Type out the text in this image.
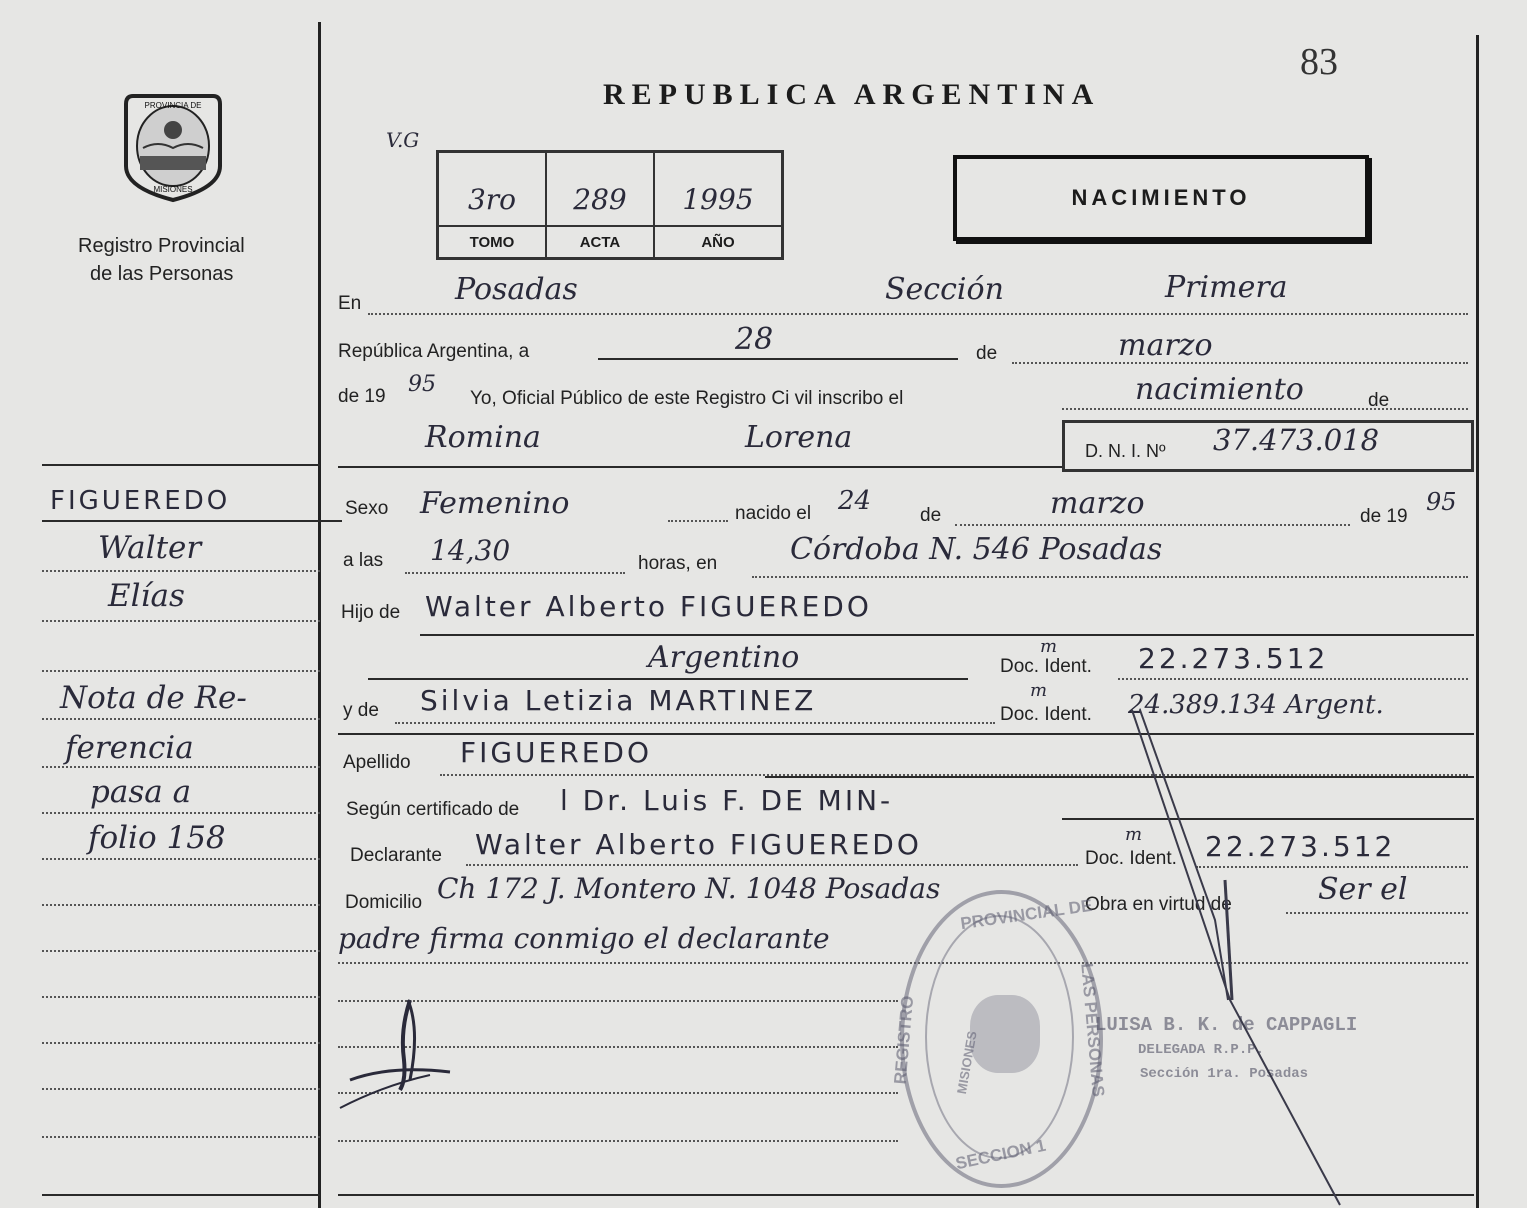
83
PROVINCIA DE
MISIONES
Registro Provincial
de las Personas
REPUBLICA ARGENTINA
V.G
3ro
TOMO
289
ACTA
1995
AÑO
NACIMIENTO
En	Posadas	Sección	Primera
República Argentina, a	28	de	marzo
de 19 95
Yo, Oficial Público de este Registro Ci vil inscribo el	nacimiento	de
Romina	Lorena	D. N. I. Nº 37.473.018
Sexo Femenino	nacido el 24	de	marzo	de 19
95
a las 14,30	horas, en Córdoba N. 546 Posadas
Hijo de Walter Alberto FIGUEREDO
Argentino	Doc. Ident.
m	22.273.512
y de Silvia Letizia MARTINEZ	Doc. Ident.
m	24.389.134 Argent.
Apellido FIGUEREDO
Según certificado de l Dr. Luis F. DE MIN-
Declarante Walter Alberto FIGUEREDO	Doc. Ident.
m 22.273.512
Domicilio Ch 172 J. Montero N. 1048 Posadas	Obra en virtud de	Ser el
padre firma conmigo el declarante
PROVINCIAL DE
REGISTRO	LAS PERSONAS
SECCION 1
MISIONES
LUISA B. K. de CAPPAGLI
DELEGADA R.P.P.
Sección 1ra. Posadas
FIGUEREDO
Walter
Elías
Nota de Re-
ferencia
pasa a
folio 158
